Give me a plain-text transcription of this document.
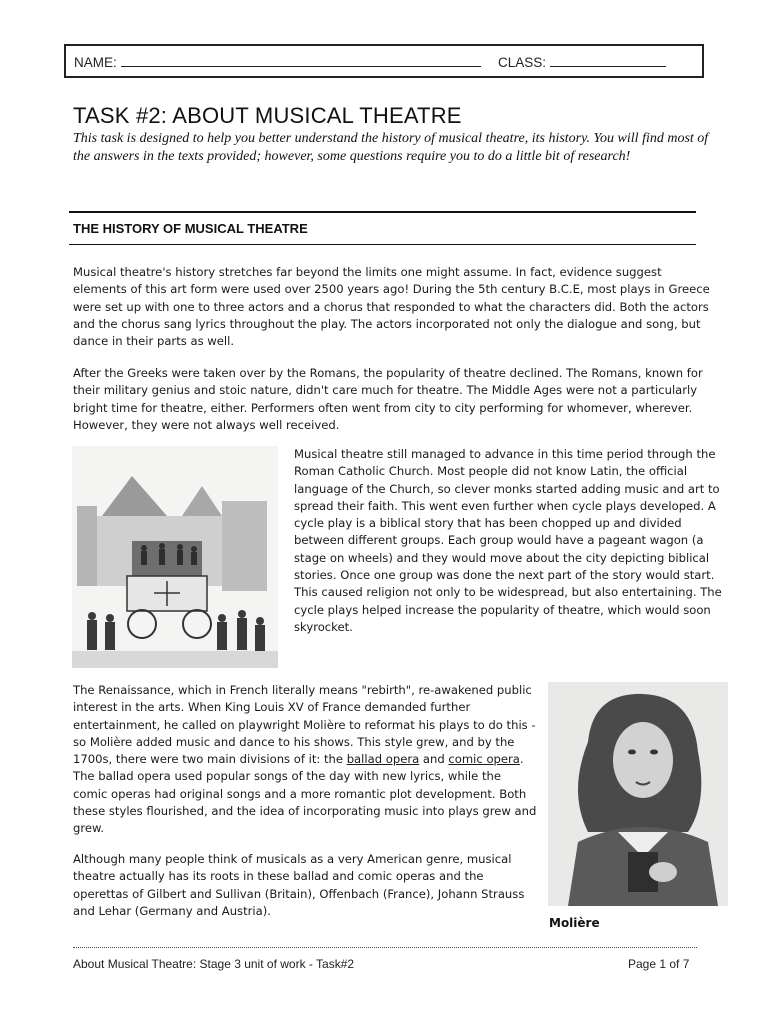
NAME:	CLASS:
TASK #2: ABOUT MUSICAL THEATRE
This task is designed to help you better understand the history of musical theatre, its history. You will find most of the answers in the texts provided; however, some questions require you to do a little bit of research!
THE HISTORY OF MUSICAL THEATRE

Musical theatre's history stretches far beyond the limits one might assume. In fact, evidence suggest elements of this art form were used over 2500 years ago! During the 5th century B.C.E, most plays in Greece were set up with one to three actors and a chorus that responded to what the characters did. Both the actors and the chorus sang lyrics throughout the play. The actors incorporated not only the dialogue and song, but dance in their parts as well.

After the Greeks were taken over by the Romans, the popularity of theatre declined. The Romans, known for their military genius and stoic nature, didn't care much for theatre. The Middle Ages were not a particularly bright time for theatre, either. Performers often went from city to city performing for whomever, wherever. However, they were not always well received.

Musical theatre still managed to advance in this time period through the Roman Catholic Church. Most people did not know Latin, the official language of the Church, so clever monks started adding music and art to spread their faith. This went even further when cycle plays developed. A cycle play is a biblical story that has been chopped up and divided between different groups. Each group would have a pageant wagon (a stage on wheels) and they would move about the city depicting biblical stories. Once one group was done the next part of the story would start. This caused religion not only to be widespread, but also entertaining. The cycle plays helped increase the popularity of theatre, which would soon skyrocket.

The Renaissance, which in French literally means "rebirth", re-awakened public interest in the arts. When King Louis XV of France demanded further entertainment, he called on playwright Molière to reformat his plays to do this - so Molière added music and dance to his shows. This style grew, and by the 1700s, there were two main divisions of it: the ballad opera and comic opera. The ballad opera used popular songs of the day with new lyrics, while the comic operas had original songs and a more romantic plot development. Both these styles flourished, and the idea of incorporating music into plays grew and grew.

Molière

Although many people think of musicals as a very American genre, musical theatre actually has its roots in these ballad and comic operas and the operettas of Gilbert and Sullivan (Britain), Offenbach (France), Johann Strauss and Lehar (Germany and Austria).

About Musical Theatre: Stage 3 unit of work - Task#2	Page 1 of 7
